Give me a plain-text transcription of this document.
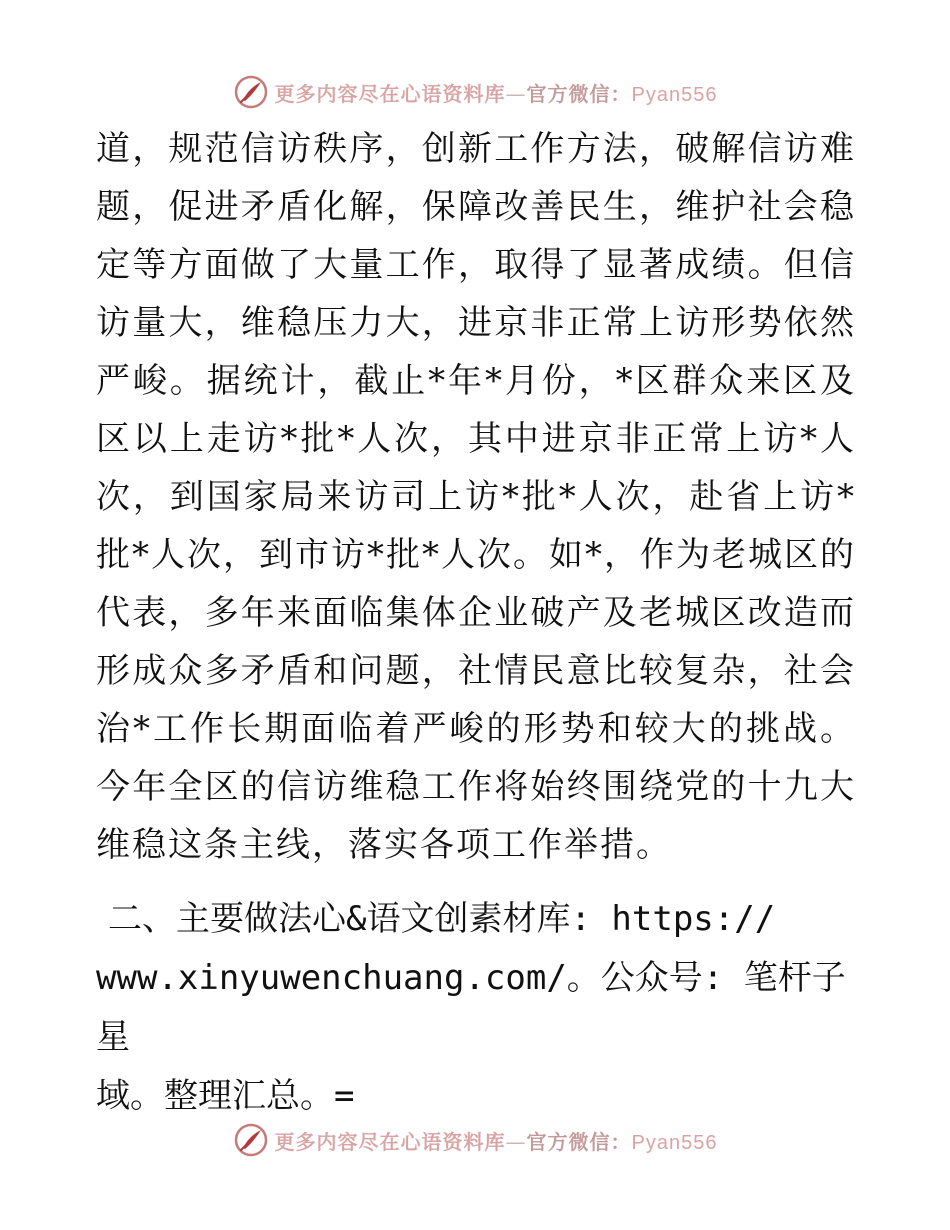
更多内容尽在心语资料库—官方微信：Pyan556

道，规范信访秩序，创新工作方法，破解信访难题，促进矛盾化解，保障改善民生，维护社会稳定等方面做了大量工作，取得了显著成绩。但信访量大，维稳压力大，进京非正常上访形势依然严峻。据统计，截止*年*月份，*区群众来区及区以上走访*批*人次，其中进京非正常上访*人次，到国家局来访司上访*批*人次，赴省上访*批*人次，到市访*批*人次。如*，作为老城区的代表，多年来面临集体企业破产及老城区改造而形成众多矛盾和问题，社情民意比较复杂，社会治*工作长期面临着严峻的形势和较大的挑战。今年全区的信访维稳工作将始终围绕党的十九大维稳这条主线，落实各项工作举措。

二、主要做法心&语文创素材库: https://
www.xinyuwenchuang.com/。公众号: 笔杆子星
域。整理汇总。=
更多内容尽在心语资料库—官方微信：Pyan556
